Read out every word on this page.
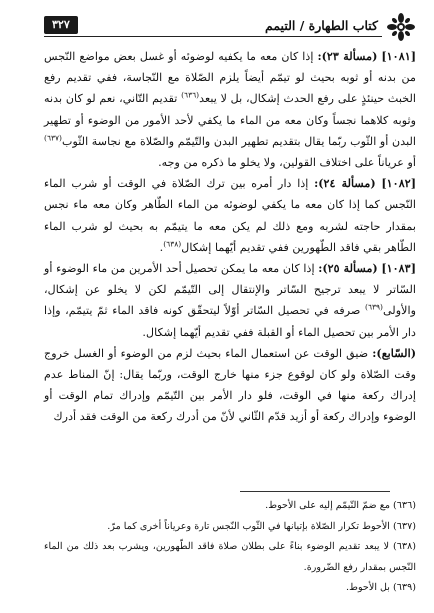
كتاب الطهارة / التيمم
٣٢٧

[١٠٨١] (مسألة ٢٣): إذا كان معه ما يكفيه لوضوئه أو غسل بعض مواضع النّجس من بدنه أو ثوبه بحيث لو تيمّم أيضاً يلزم الصّلاة مع النّجاسة، ففي تقديم رفع الخبث حينئذٍ على رفع الحدث إشكال، بل لا يبعد$^{(٦٣٦)}$ تقديم التّاني، نعم لو كان بدنه وثوبه كلاهما نجساً وكان معه من الماء ما يكفي لأحد الأمور من الوضوء أو تطهير البدن أو الثّوب ربّما يقال بتقديم تطهير البدن والتّيمّم والصّلاة مع نجاسة الثّوب$^{(٦٣٧)}$ أو عرياناً على اختلاف القولين، ولا يخلو ما ذكره من وجه.

[١٠٨٢] (مسألة ٢٤): إذا دار أمره بين ترك الصّلاة في الوقت أو شرب الماء النّجس كما إذا كان معه ما يكفي لوضوئه من الماء الطّاهر وكان معه ماء نجس بمقدار حاجته لشربه ومع ذلك لم يكن معه ما يتيمّم به بحيث لو شرب الماء الطّاهر بقي فاقد الطّهورين ففي تقديم أيّهما إشكال$^{(٦٣٨)}$.

[١٠٨٣] (مسألة ٢٥): إذا كان معه ما يمكن تحصيل أحد الأمرين من ماء الوضوء أو السّاتر لا يبعد ترجيح السّاتر والإنتقال إلى التّيمّم لكن لا يخلو عن إشكال، والأولى$^{(٦٣٩)}$ صرفه في تحصيل السّاتر أوّلاً ليتحقّق كونه فاقد الماء ثمّ يتيمّم، وإذا دار الأمر بين تحصيل الماء أو القبلة ففي تقديم أيّهما إشكال.

(السّابع): ضيق الوقت عن استعمال الماء بحيث لزم من الوضوء أو الغسل خروج وقت الصّلاة ولو كان لوقوع جزء منها خارج الوقت، وربّما يقال: إنّ المناط عدم إدراك ركعة منها في الوقت، فلو دار الأمر بين التّيمّم وإدراك تمام الوقت أو الوضوء وإدراك ركعة أو أزيد قدّم الثّاني لأنّ من أدرك ركعة من الوقت فقد أدرك

(٦٣٦) مع ضمّ التّيمّم إليه على الأحوط.
(٦٣٧) الأحوط تكرار الصّلاة بإتيانها في الثّوب النّجس تارة وعرياناً أخرى كما مرّ.
(٦٣٨) لا يبعد تقديم الوضوء بناءً على بطلان صلاة فاقد الطّهورين، ويشرب بعد ذلك من الماء النّجس بمقدار رفع الضّرورة.
(٦٣٩) بل الأحوط.
